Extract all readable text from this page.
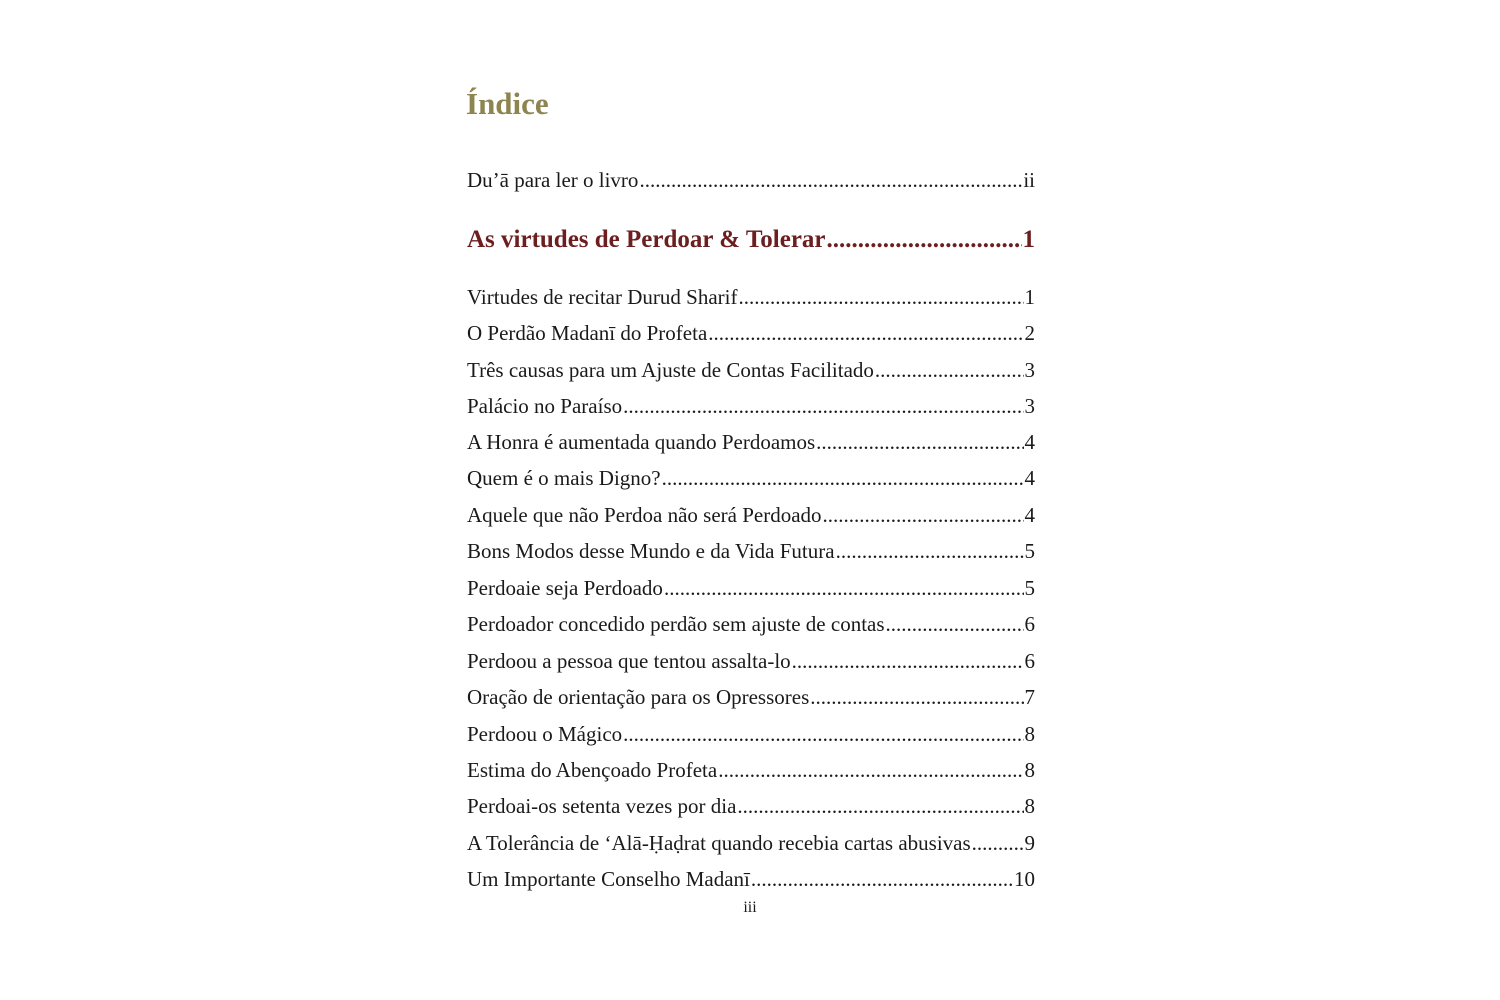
Índice
Du’ā para ler o livro .....	ii
As virtudes de Perdoar & Tolerar .....	1
Virtudes de recitar Durud Sharif .....	1
O Perdão Madanī do Profeta .....	2
Três causas para um Ajuste de Contas Facilitado .....	3
Palácio no Paraíso .....	3
A Honra é aumentada quando Perdoamos .....	4
Quem é o mais Digno? .....	4
Aquele que não Perdoa não será Perdoado .....	4
Bons Modos desse Mundo e da Vida Futura .....	5
Perdoaie seja Perdoado .....	5
Perdoador concedido perdão sem ajuste de contas .....	6
Perdoou a pessoa que tentou assalta-lo .....	6
Oração de orientação para os Opressores .....	7
Perdoou o Mágico .....	8
Estima do Abençoado Profeta .....	8
Perdoai-os setenta vezes por dia .....	8
A Tolerância de ‘Alā-Ḥaḍrat quando recebia cartas abusivas .....	9
Um Importante Conselho Madanī .....	10
iii
